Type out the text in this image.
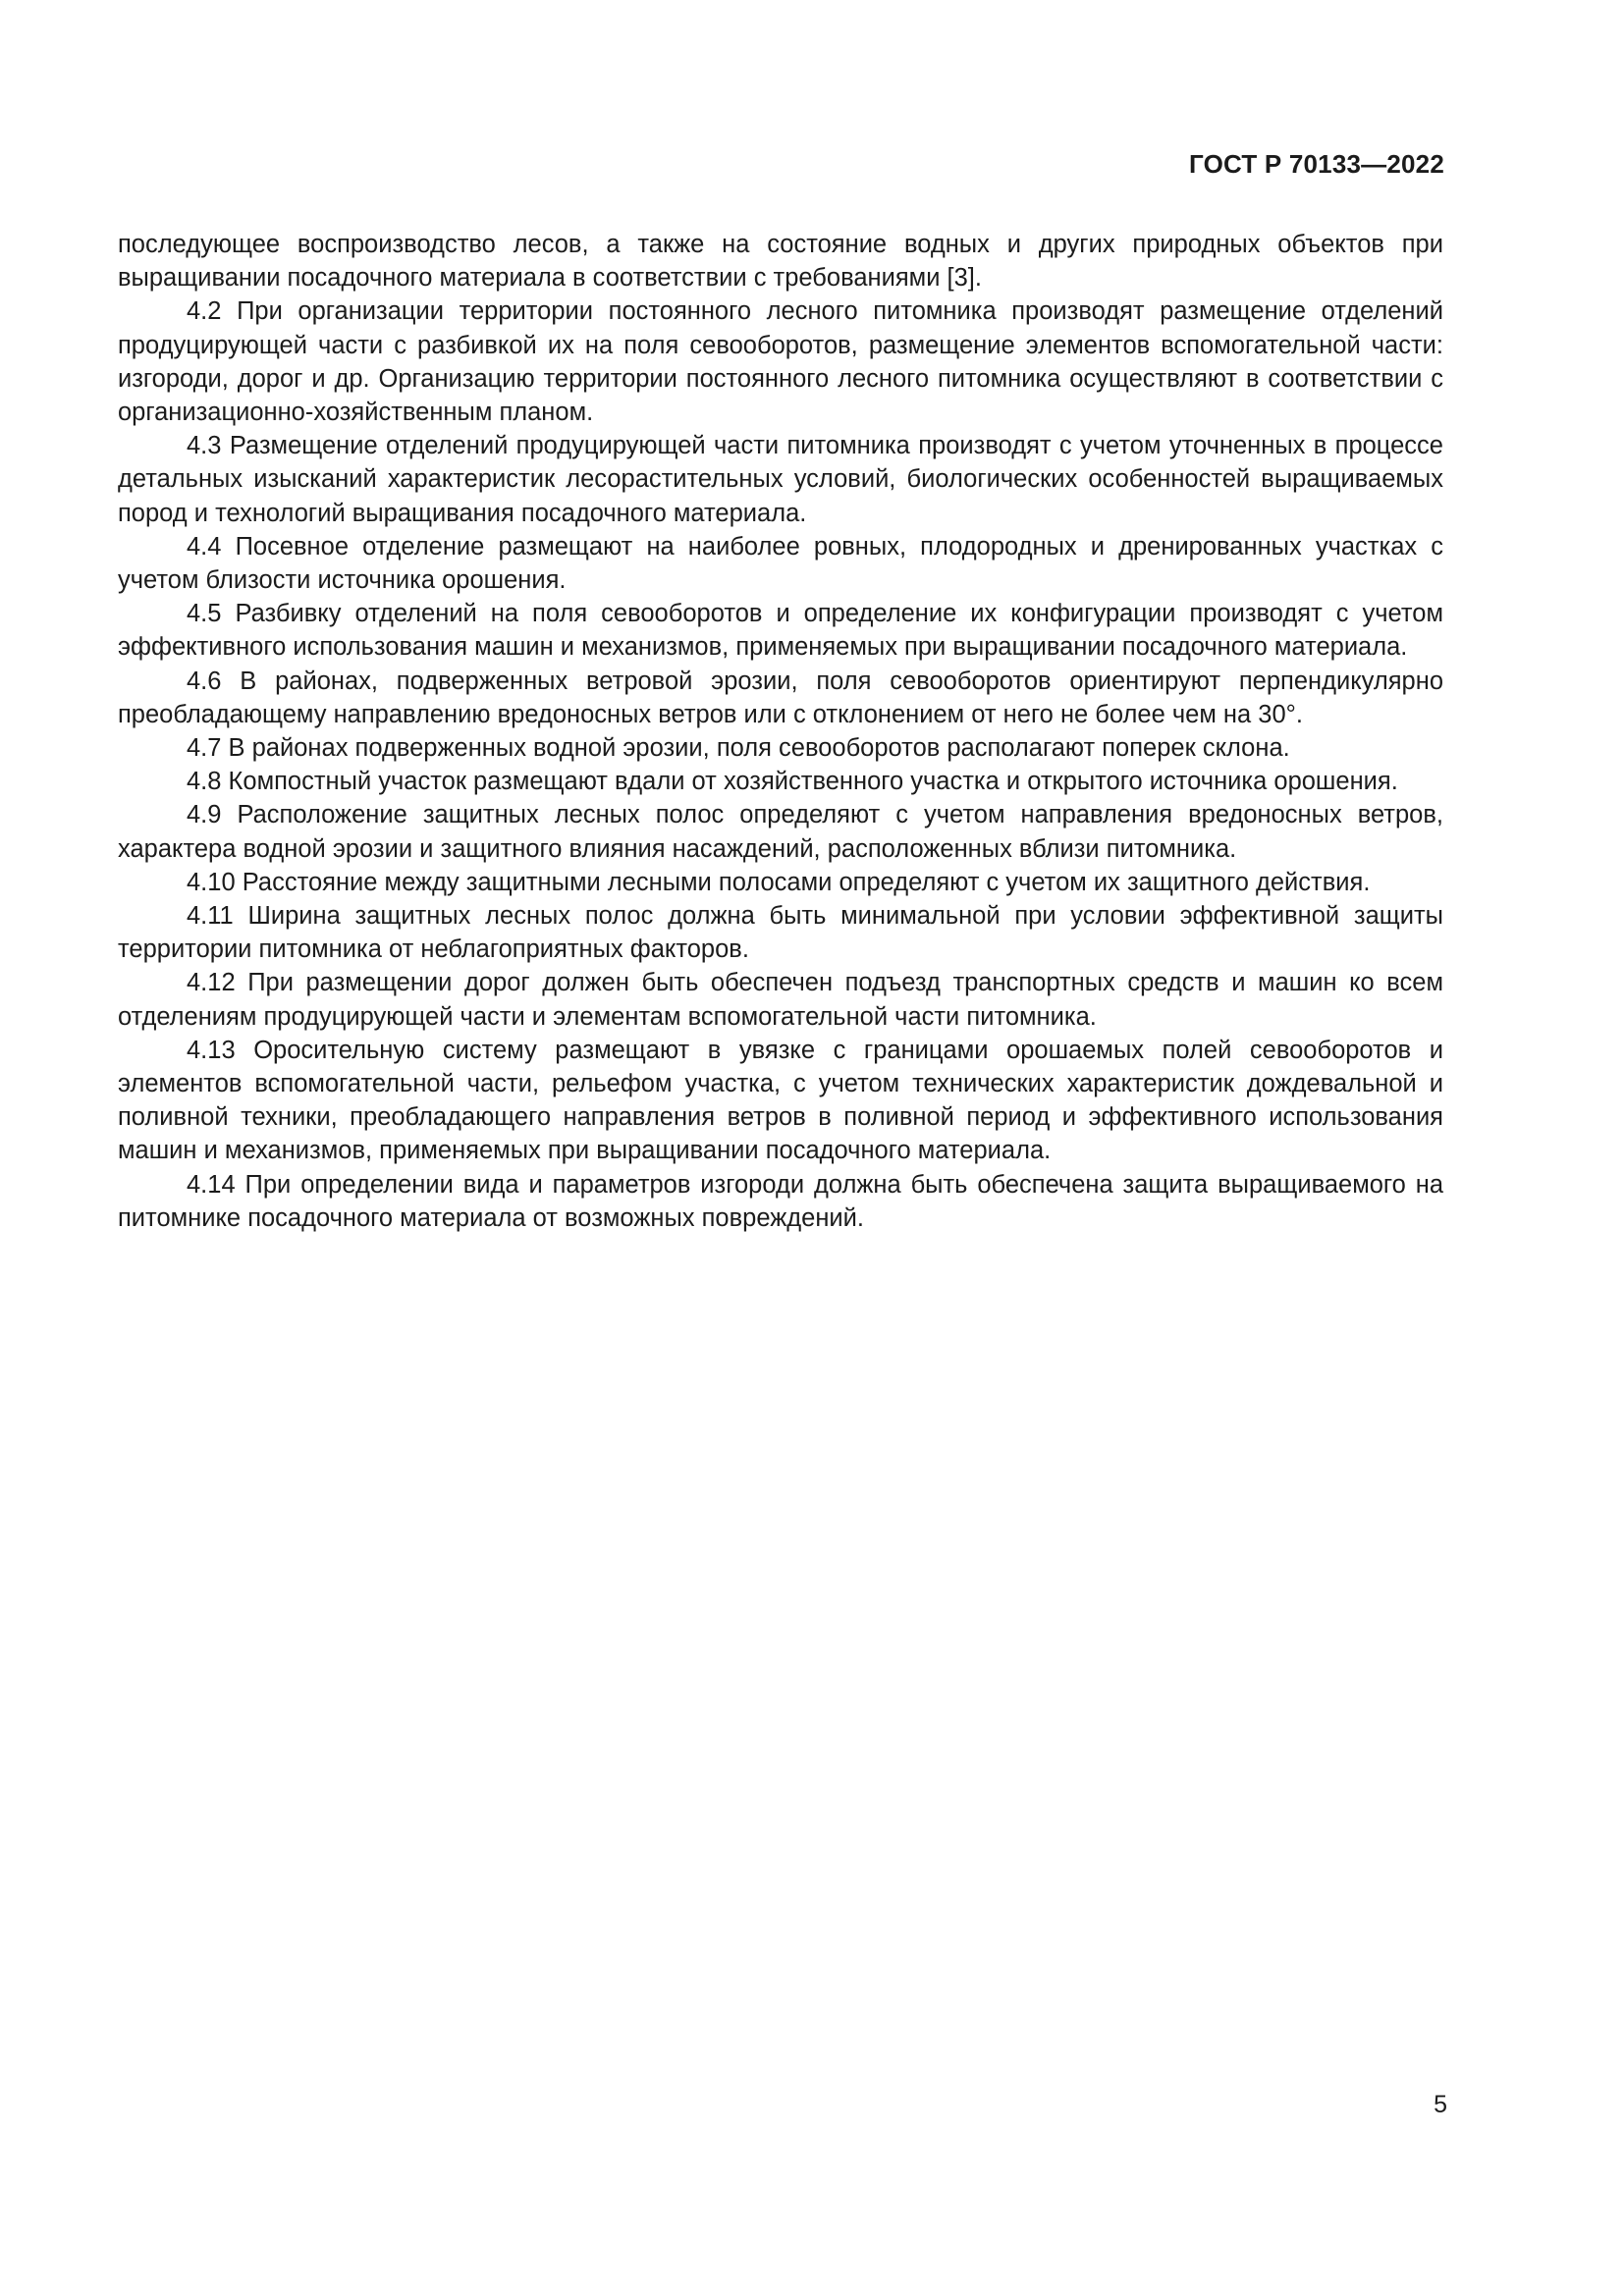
ГОСТ Р 70133—2022

последующее воспроизводство лесов, а также на состояние водных и других природных объектов при выращивании посадочного материала в соответствии с требованиями [3].

4.2 При организации территории постоянного лесного питомника производят размещение отделений продуцирующей части с разбивкой их на поля севооборотов, размещение элементов вспомогательной части: изгороди, дорог и др. Организацию территории постоянного лесного питомника осуществляют в соответствии с организационно-хозяйственным планом.

4.3 Размещение отделений продуцирующей части питомника производят с учетом уточненных в процессе детальных изысканий характеристик лесорастительных условий, биологических особенностей выращиваемых пород и технологий выращивания посадочного материала.

4.4 Посевное отделение размещают на наиболее ровных, плодородных и дренированных участках с учетом близости источника орошения.

4.5 Разбивку отделений на поля севооборотов и определение их конфигурации производят с учетом эффективного использования машин и механизмов, применяемых при выращивании посадочного материала.

4.6 В районах, подверженных ветровой эрозии, поля севооборотов ориентируют перпендикулярно преобладающему направлению вредоносных ветров или с отклонением от него не более чем на 30°.

4.7 В районах подверженных водной эрозии, поля севооборотов располагают поперек склона.

4.8 Компостный участок размещают вдали от хозяйственного участка и открытого источника орошения.

4.9 Расположение защитных лесных полос определяют с учетом направления вредоносных ветров, характера водной эрозии и защитного влияния насаждений, расположенных вблизи питомника.

4.10 Расстояние между защитными лесными полосами определяют с учетом их защитного действия.

4.11 Ширина защитных лесных полос должна быть минимальной при условии эффективной защиты территории питомника от неблагоприятных факторов.

4.12 При размещении дорог должен быть обеспечен подъезд транспортных средств и машин ко всем отделениям продуцирующей части и элементам вспомогательной части питомника.

4.13 Оросительную систему размещают в увязке с границами орошаемых полей севооборотов и элементов вспомогательной части, рельефом участка, с учетом технических характеристик дождевальной и поливной техники, преобладающего направления ветров в поливной период и эффективного использования машин и механизмов, применяемых при выращивании посадочного материала.

4.14 При определении вида и параметров изгороди должна быть обеспечена защита выращиваемого на питомнике посадочного материала от возможных повреждений.

5
